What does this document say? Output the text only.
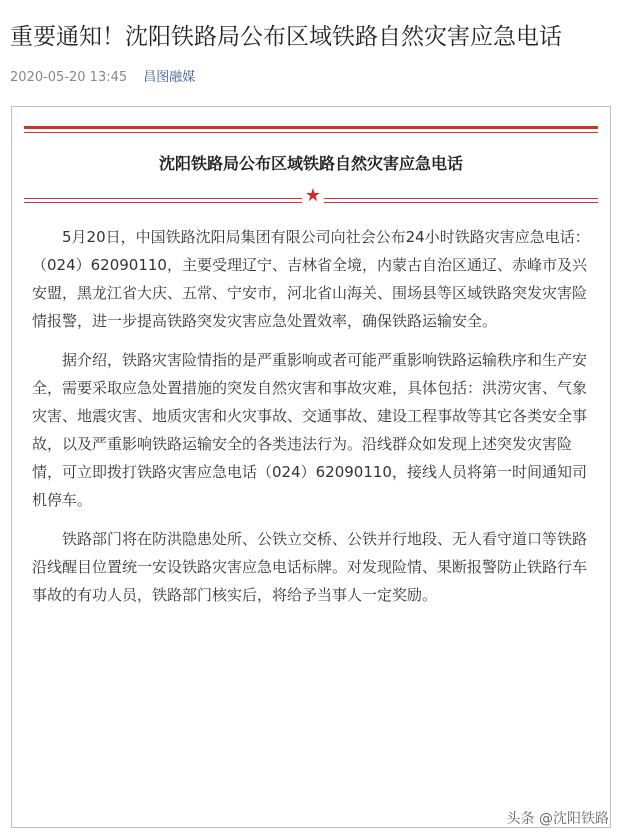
重要通知！沈阳铁路局公布区域铁路自然灾害应急电话
2020-05-20 13:45 昌图融媒
沈阳铁路局公布区域铁路自然灾害应急电话
★

5月20日，中国铁路沈阳局集团有限公司向社会公布24小时铁路灾害应急电话：（024）62090110，主要受理辽宁、吉林省全境，内蒙古自治区通辽、赤峰市及兴安盟，黑龙江省大庆、五常、宁安市，河北省山海关、围场县等区域铁路突发灾害险情报警，进一步提高铁路突发灾害应急处置效率，确保铁路运输安全。

据介绍，铁路灾害险情指的是严重影响或者可能严重影响铁路运输秩序和生产安全，需要采取应急处置措施的突发自然灾害和事故灾难，具体包括：洪涝灾害、气象灾害、地震灾害、地质灾害和火灾事故、交通事故、建设工程事故等其它各类安全事故，以及严重影响铁路运输安全的各类违法行为。沿线群众如发现上述突发灾害险情，可立即拨打铁路灾害应急电话（024）62090110，接线人员将第一时间通知司机停车。

铁路部门将在防洪隐患处所、公铁立交桥、公铁并行地段、无人看守道口等铁路沿线醒目位置统一安设铁路灾害应急电话标牌。对发现险情、果断报警防止铁路行车事故的有功人员，铁路部门核实后，将给予当事人一定奖励。

头条 @沈阳铁路
